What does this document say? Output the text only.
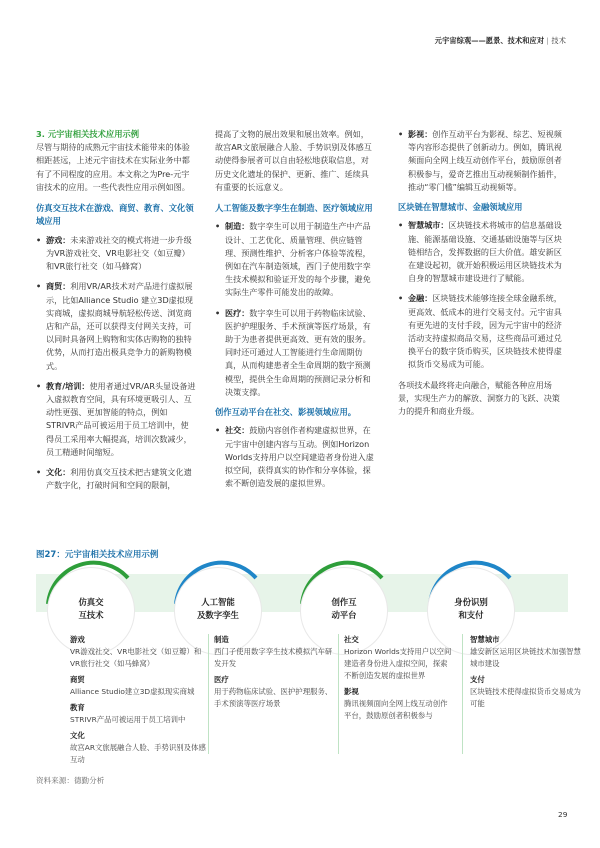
元宇宙综观——愿景、技术和应对 | 技术
3. 元宇宙相关技术应用示例

尽管与期待的成熟元宇宙技术能带来的体验相距甚远，上述元宇宙技术在实际业务中都有了不同程度的应用。本文称之为Pre-元宇宙技术的应用。一些代表性应用示例如图。

仿真交互技术在游戏、商贸、教育、文化领域应用
• 游戏：未来游戏社交的模式将进一步升级为VR游戏社交、VR电影社交（如豆瓣）和VR旅行社交（如马蜂窝）
• 商贸：利用VR/AR技术对产品进行虚拟展示，比如Alliance Studio 建立3D虚拟现实商城，虚拟商城导航轻松传送、浏览商店和产品，还可以获得支付网关支持，可以同时具备网上购物和实体店购物的独特优势，从而打造出极具竞争力的新购物模式。
• 教育/培训：使用者通过VR/AR头显设备进入虚拟教育空间，具有环境更吸引人、互动性更强、更加智能的特点，例如STRIVR产品可被运用于员工培训中，使得员工采用率大幅提高，培训次数减少，员工精通时间缩短。
• 文化：利用仿真交互技术把古建筑文化遗产数字化，打破时间和空间的限制，

提高了文物的展出效果和展出效率。例如，故宫AR文旅展融合人脸、手势识别及体感互动使得参展者可以自由轻松地获取信息，对历史文化遗址的保护、更新、推广、延续具有重要的长远意义。

人工智能及数字孪生在制造、医疗领域应用
• 制造：数字孪生可以用于制造生产中产品设计、工艺优化、质量管理、供应链管理、预测性维护、分析客户体验等流程，例如在汽车制造领域，西门子使用数字孪生技术模拟和验证开发的每个步骤，避免实际生产零件可能发出的故障。
• 医疗：数字孪生可以用于药物临床试验、医护护理服务、手术预演等医疗场景，有助于为患者提供更高效、更有效的服务。同时还可通过人工智能进行生命周期仿真，从而构建患者全生命周期的数字预测模型，提供全生命周期的预测记录分析和决策支撑。
创作互动平台在社交、影视领域应用。
• 社交：鼓励内容创作者构建虚拟世界，在元宇宙中创建内容与互动。例如Horizon Worlds支持用户以空间建造者身份进入虚拟空间，获得真实的协作和分享体验，探索不断创造发展的虚拟世界。
• 影视：创作互动平台为影视、综艺、短视频等内容形态提供了创新动力。例如，腾讯视频面向全网上线互动创作平台，鼓励原创者积极参与，爱奇艺推出互动视频制作插件，推动“零门槛”编辑互动视频等。
区块链在智慧城市、金融领域应用
• 智慧城市：区块链技术将城市的信息基础设施、能源基础设施、交通基础设施等与区块链相结合，发挥数据的巨大价值。雄安新区在建设起初，就开始积极运用区块链技术为自身的智慧城市建设进行了赋能。
• 金融：区块链技术能够连接全球金融系统，更高效、低成本的进行交易支付。元宇宙具有更先进的支付手段，因为元宇宙中的经济活动支持虚拟商品交易，这些商品可通过兑换平台的数字货币购买，区块链技术使得虚拟货币交易成为可能。

各项技术最终将走向融合，赋能各种应用场景，实现生产力的解放、洞察力的飞跃、决策力的提升和商业升级。

图27：元宇宙相关技术应用示例
仿真交
互技术
人工智能
及数字孪生
创作互
动平台
身份识别
和支付
游戏
VR游戏社交、VR电影社交（如豆瓣）和VR旅行社交（如马蜂窝）
商贸
Alliance Studio建立3D虚拟现实商城
教育
STRIVR产品可被运用于员工培训中
文化
故宫AR文旅展融合人脸、手势识别及体感互动
制造
西门子使用数字孪生技术模拟汽车研发开发
医疗
用于药物临床试验、医护护理服务、手术预演等医疗场景
社交
Horizon Worlds支持用户以空间建造者身份进入虚拟空间，探索不断创造发展的虚拟世界
影视
腾讯视频面向全网上线互动创作平台，鼓励原创者积极参与
智慧城市
雄安新区运用区块链技术加强智慧城市建设
支付
区块链技术使得虚拟货币交易成为可能
资料来源：德勤分析
29
